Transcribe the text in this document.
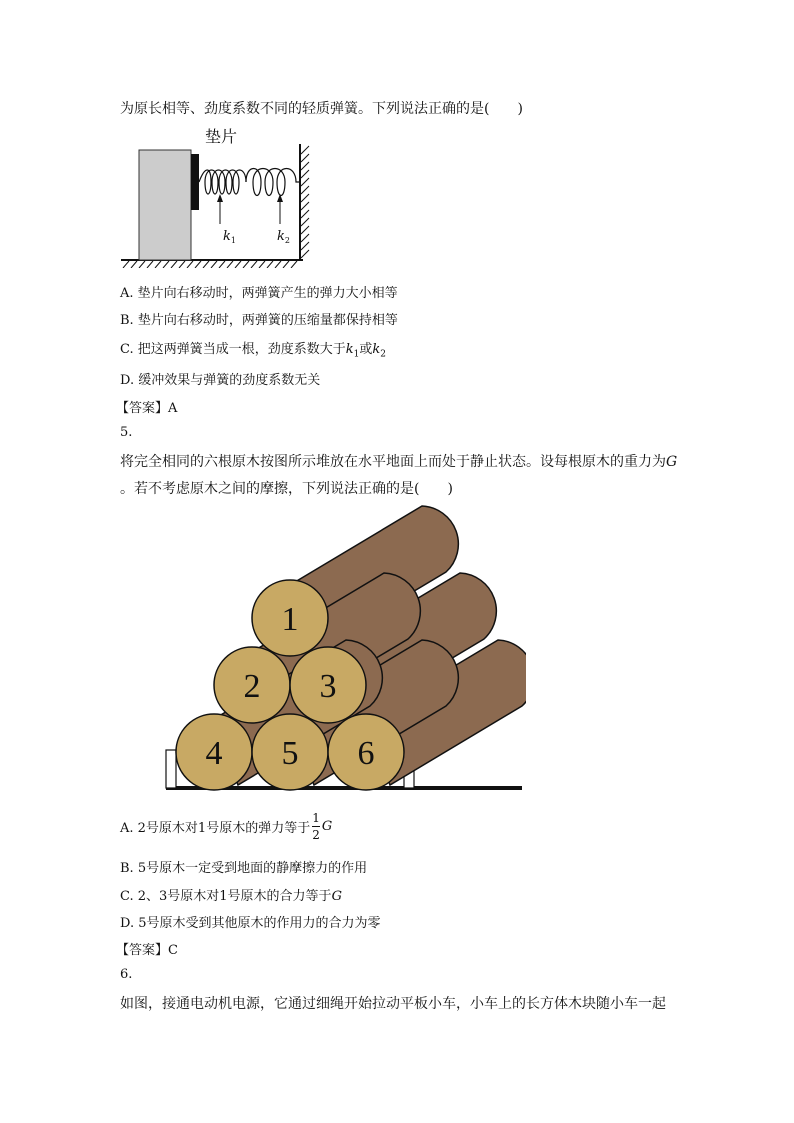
为原长相等、劲度系数不同的轻质弹簧。下列说法正确的是(　　)
垫片
$k_1$	$k_2$
A. 垫片向右移动时，两弹簧产生的弹力大小相等
B. 垫片向右移动时，两弹簧的压缩量都保持相等
C. 把这两弹簧当成一根，劲度系数大于$k_1$或$k_2$
D. 缓冲效果与弹簧的劲度系数无关
【答案】A
5.
将完全相同的六根原木按图所示堆放在水平地面上而处于静止状态。设每根原木的重力为G
。若不考虑原木之间的摩擦，下列说法正确的是(　　)
1
2 3
4 5 6
A. 2号原木对1号原木的弹力等于 $\frac{1}{2}$ G
B. 5号原木一定受到地面的静摩擦力的作用
C. 2、3号原木对1号原木的合力等于G
D. 5号原木受到其他原木的作用力的合力为零
【答案】C
6.
如图，接通电动机电源，它通过细绳开始拉动平板小车，小车上的长方体木块随小车一起
